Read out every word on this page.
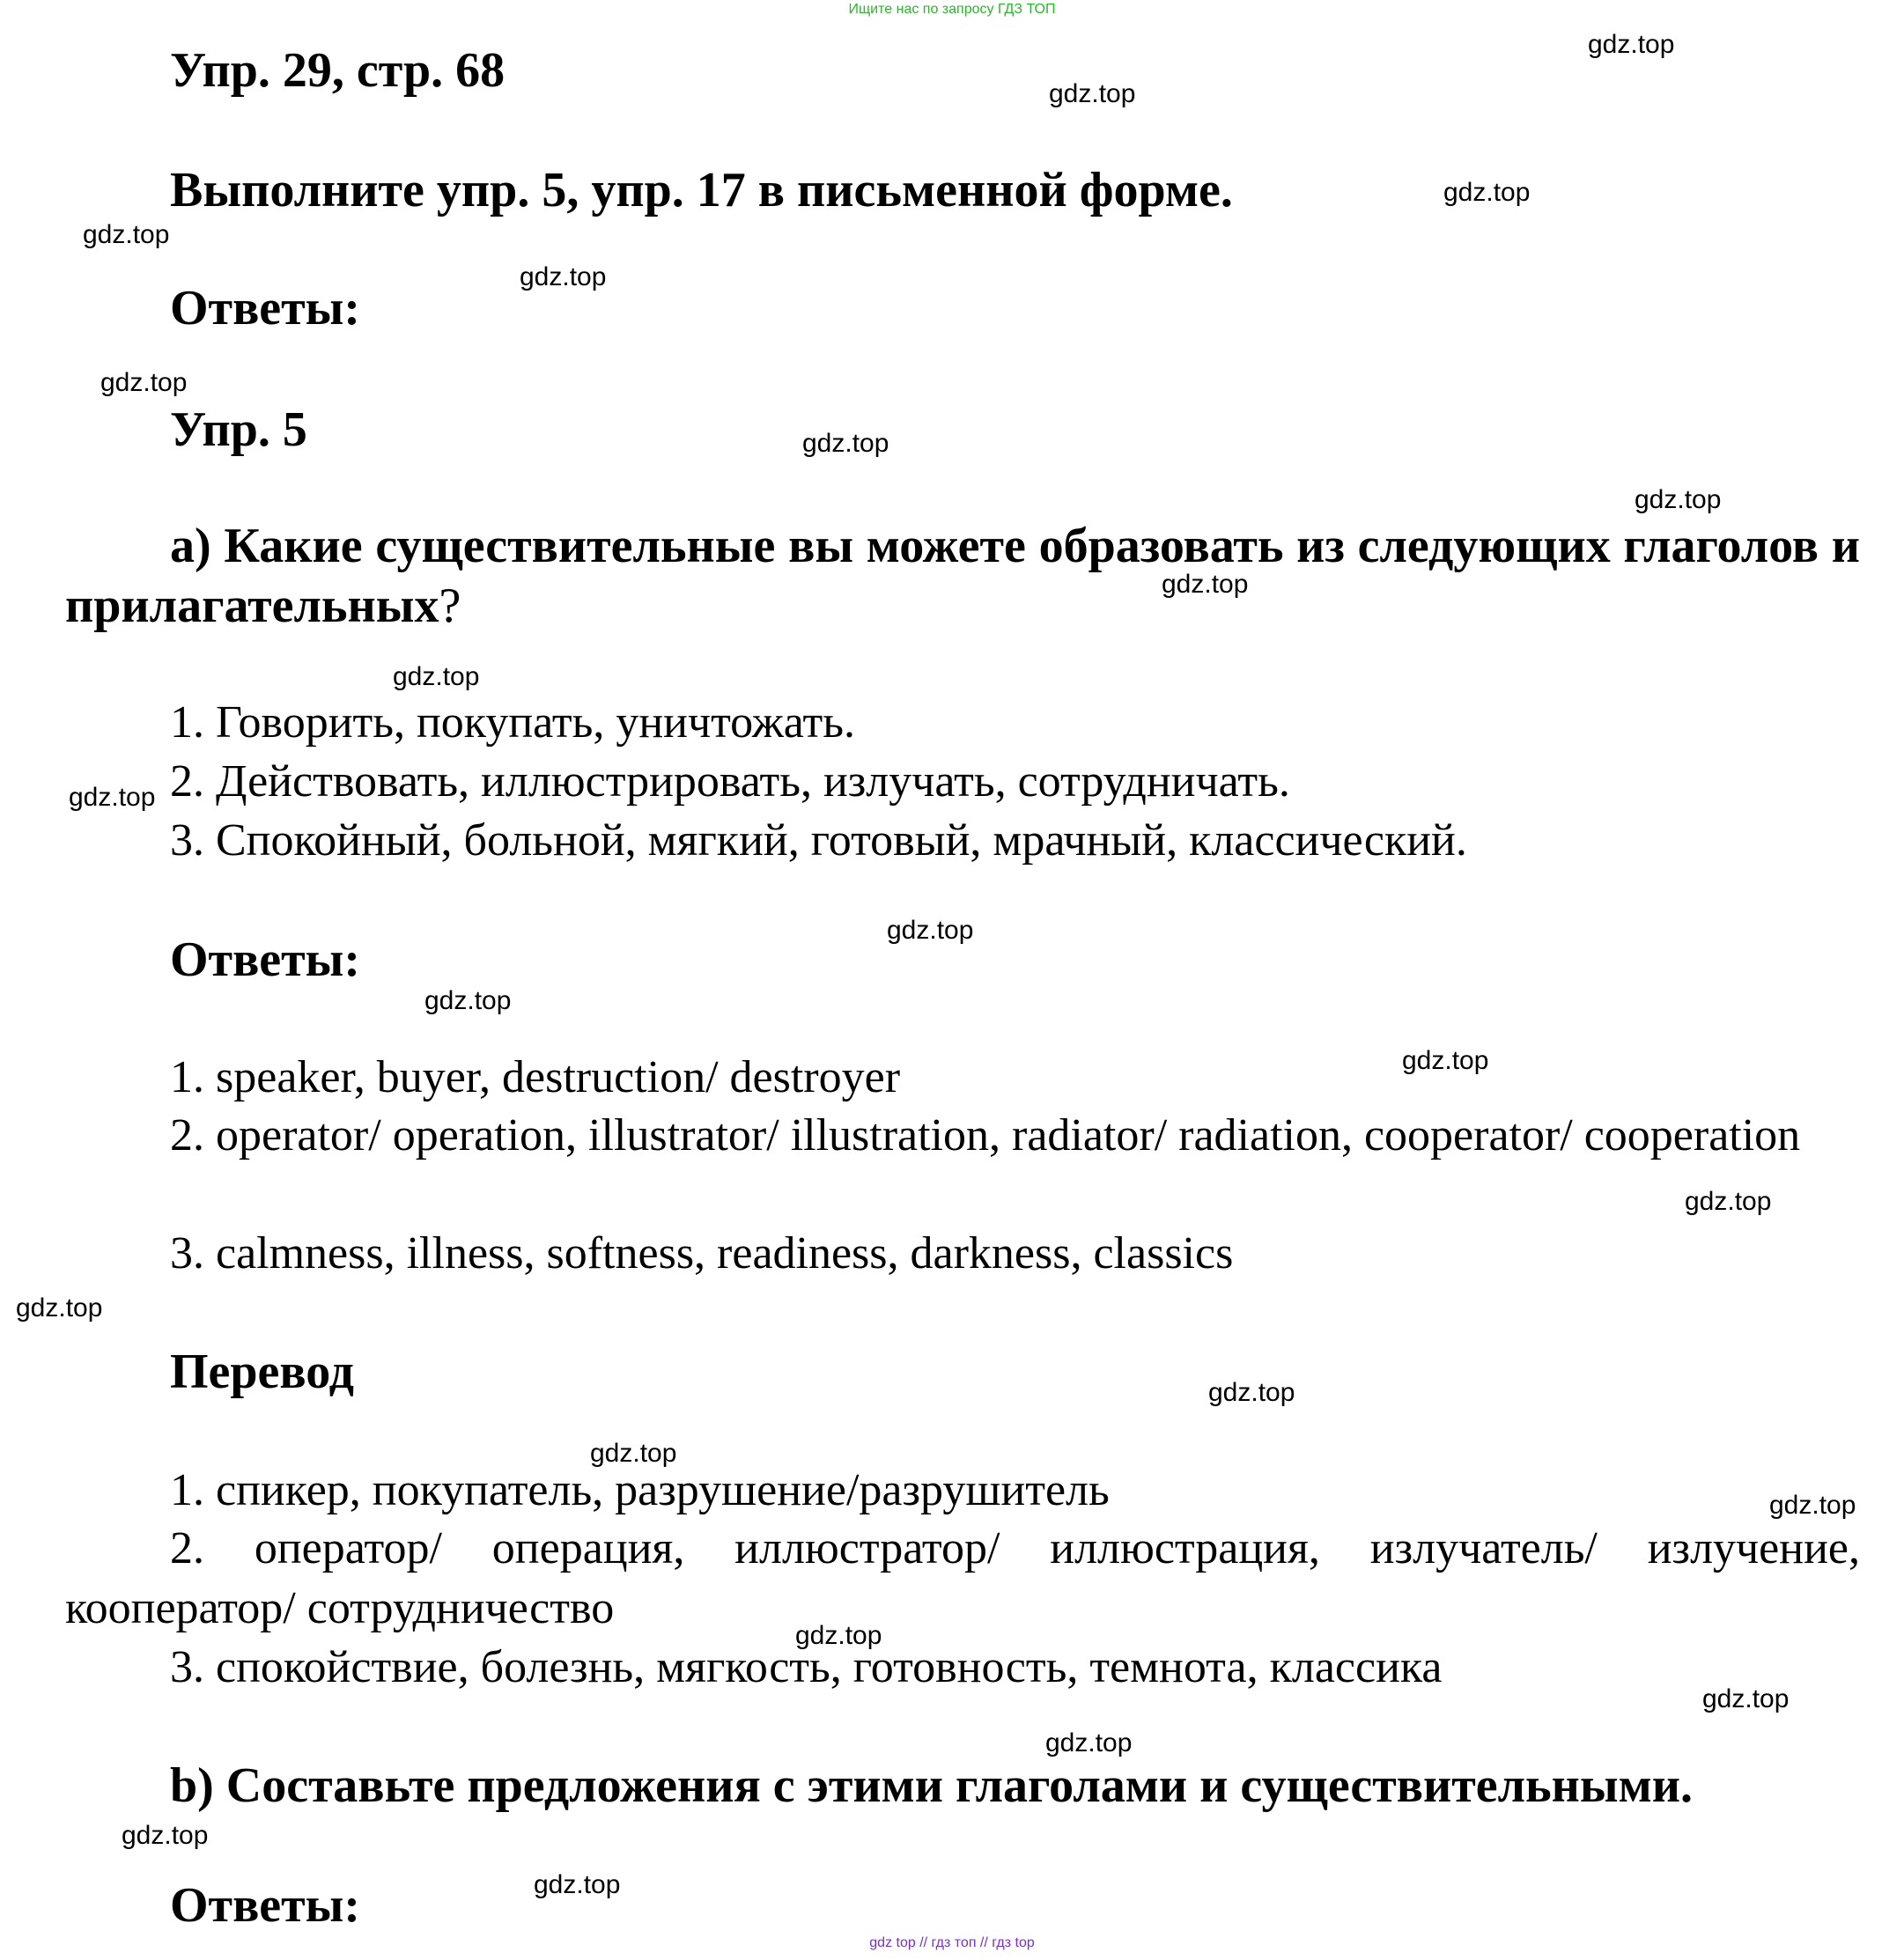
Ищите нас по запросу ГДЗ ТОП
Упр. 29, стр. 68
Выполните упр. 5, упр. 17 в письменной форме.
Ответы:
Упр. 5
a) Какие существительные вы можете образовать из следующих глаголов и прилагательных?
1. Говорить, покупать, уничтожать.
2. Действовать, иллюстрировать, излучать, сотрудничать.
3. Спокойный, больной, мягкий, готовый, мрачный, классический.
Ответы:
1. speaker, buyer, destruction/ destroyer
2. operator/ operation, illustrator/ illustration, radiator/ radiation, cooperator/ cooperation
3. calmness, illness, softness, readiness, darkness, classics
Перевод
1. спикер, покупатель, разрушение/разрушитель
2. оператор/ операция, иллюстратор/ иллюстрация, излучатель/ излучение, кооператор/ сотрудничество
3. спокойствие, болезнь, мягкость, готовность, темнота, классика
b) Составьте предложения с этими глаголами и существительными.
Ответы:
gdz.top
gdz.top
gdz.top
gdz.top
gdz.top
gdz.top
gdz.top
gdz.top
gdz.top
gdz.top
gdz.top
gdz.top
gdz.top
gdz.top
gdz.top
gdz.top
gdz.top
gdz.top
gdz.top
gdz.top
gdz.top
gdz.top
gdz.top
gdz.top
gdz top // гдз топ // гдз top
